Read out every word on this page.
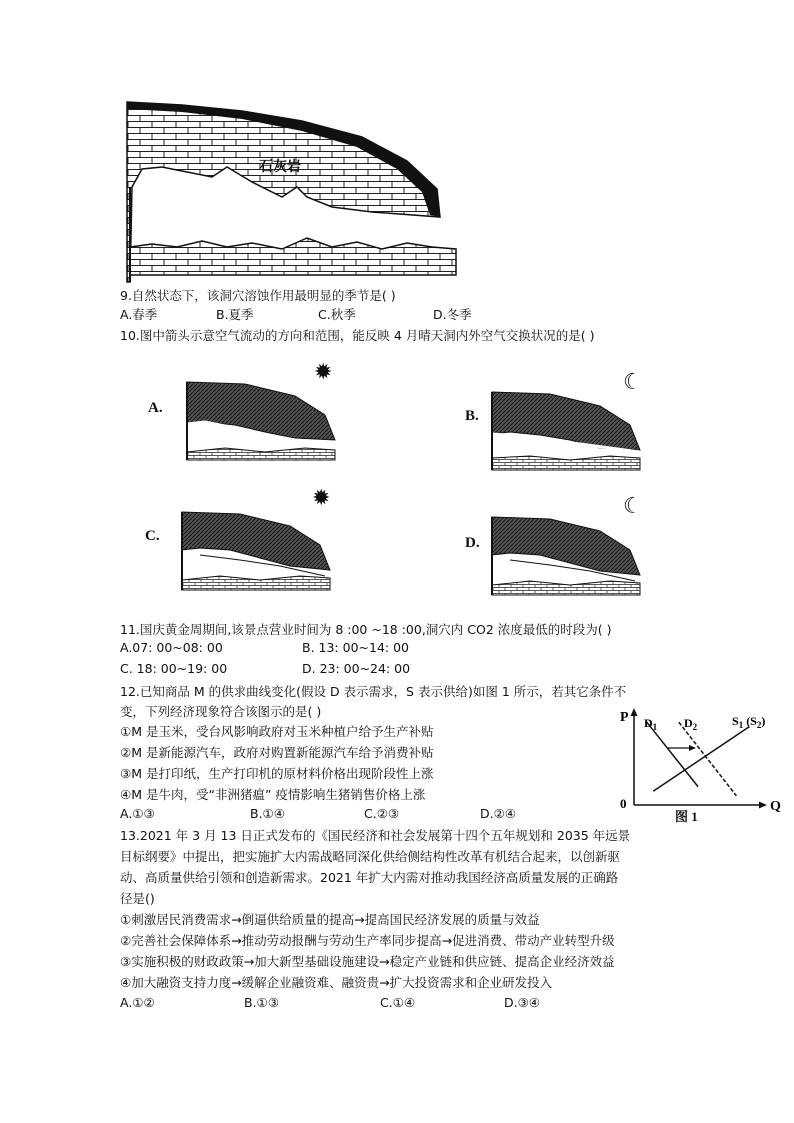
石灰岩
9.自然状态下，该洞穴溶蚀作用最明显的季节是( )
A.春季	B.夏季	C.秋季	D.冬季
10.图中箭头示意空气流动的方向和范围，能反映 4 月晴天洞内外空气交换状况的是( )
A.
✹
B.
☾
C.
✹
D.
☾
11.国庆黄金周期间,该景点营业时间为 8 :00 ~18 :00,洞穴内 CO2 浓度最低的时段为( )
A.07: 00~08: 00	B. 13: 00~14: 00
C. 18: 00~19: 00	D. 23: 00~24: 00
12.已知商品 M 的供求曲线变化(假设 D 表示需求，S 表示供给)如图 1 所示，若其它条件不
变，下列经济现象符合该图示的是( )
①M 是玉米，受台风影响政府对玉米种植户给予生产补贴
②M 是新能源汽车，政府对购置新能源汽车给予消费补贴
③M 是打印纸，生产打印机的原材料价格出现阶段性上涨
④M 是牛肉，受“非洲猪瘟” 疫情影响生猪销售价格上涨
A.①③	B.①④	C.②③	D.②④
P
Q
0
$D_1$ $D_2$	$S_1$ $(S_2)$
图 1
13.2021 年 3 月 13 日正式发布的《国民经济和社会发展第十四个五年规划和 2035 年远景
目标纲要》中提出，把实施扩大内需战略同深化供给侧结构性改革有机结合起来，以创新驱
动、高质量供给引领和创造新需求。2021 年扩大内需对推动我国经济高质量发展的正确路
径是()
①刺激居民消费需求→倒逼供给质量的提高→提高国民经济发展的质量与效益
②完善社会保障体系→推动劳动报酬与劳动生产率同步提高→促进消费、带动产业转型升级
③实施积极的财政政策→加大新型基础设施建设→稳定产业链和供应链、提高企业经济效益
④加大融资支持力度→缓解企业融资难、融资贵→扩大投资需求和企业研发投入
A.①②	B.①③	C.①④	D.③④
